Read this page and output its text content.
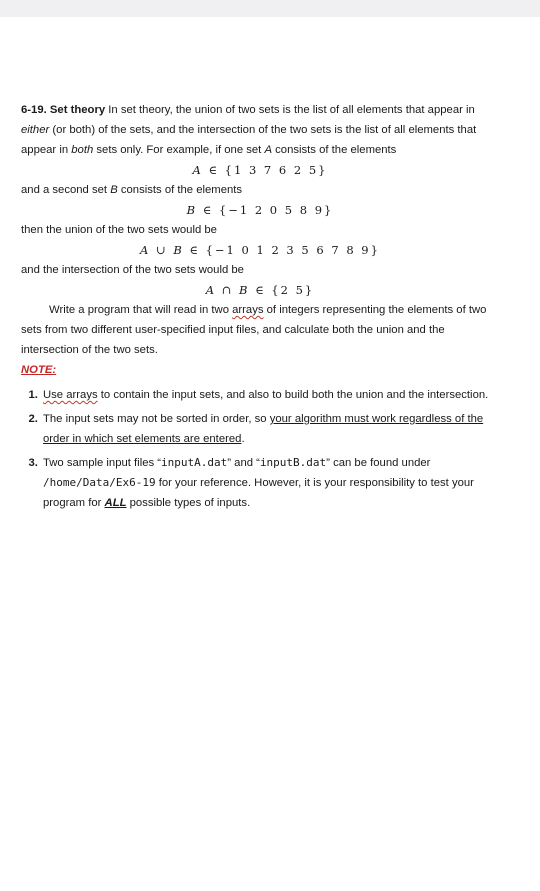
6-19. Set theory In set theory, the union of two sets is the list of all elements that appear in either (or both) of the sets, and the intersection of the two sets is the list of all elements that appear in both sets only. For example, if one set A consists of the elements

A ∈ {1 3 7 6 2 5}

and a second set B consists of the elements

B ∈ {−1 2 0 5 8 9}

then the union of the two sets would be

A ∪ B ∈ {−1 0 1 2 3 5 6 7 8 9}

and the intersection of the two sets would be

A ∩ B ∈ {2 5}

Write a program that will read in two arrays of integers representing the elements of two sets from two different user-specified input files, and calculate both the union and the intersection of the two sets.

NOTE:

1. Use arrays to contain the input sets, and also to build both the union and the intersection.
2. The input sets may not be sorted in order, so your algorithm must work regardless of the order in which set elements are entered.
3. Two sample input files “inputA.dat” and “inputB.dat” can be found under /home/Data/Ex6-19 for your reference. However, it is your responsibility to test your program for ALL possible types of inputs.
